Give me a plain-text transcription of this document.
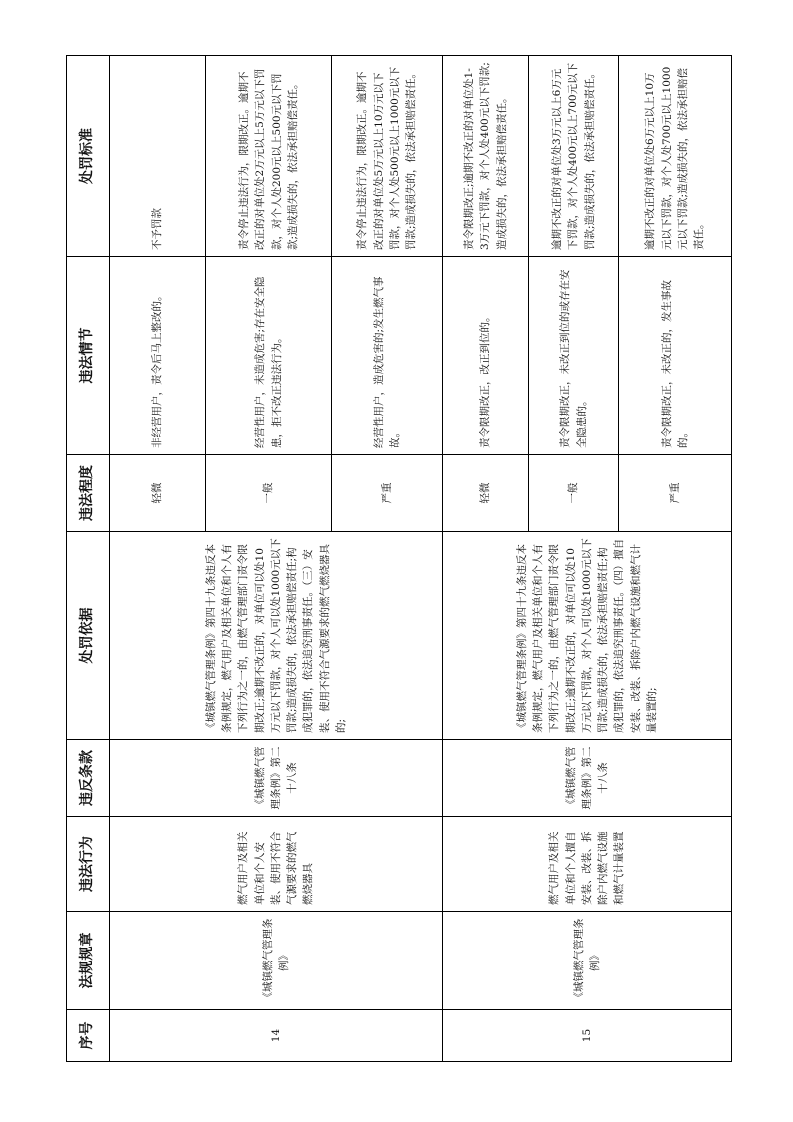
序号	法规规章	违法行为	违反条款	处罚依据	违法程度	违法情节	处罚标准
14	《城镇燃气管理条例》	燃气用户及相关单位和个人安装、使用不符合气源要求的燃气燃烧器具	《城镇燃气管理条例》第二十八条	《城镇燃气管理条例》第四十九条违反本条例规定，燃气用户及相关单位和个人有下列行为之一的，由燃气管理部门责令限期改正;逾期不改正的，对单位可以处10万元以下罚款，对个人可以处1000元以下罚款;造成损失的，依法承担赔偿责任;构成犯罪的，依法追究刑事责任。（三）安装、使用不符合气源要求的燃气燃烧器具的;	轻微	非经营用户，责令后马上整改的。	不予罚款
					一般	经营性用户，未造成危害;存在安全隐患，拒不改正违法行为。	责令停止违法行为，限期改正。逾期不改正的对单位处2万元以上5万元以下罚款，对个人处200元以上500元以下罚款;造成损失的，依法承担赔偿责任。
					严重	经营性用户，造成危害的;发生燃气事故。	责令停止违法行为，限期改正。逾期不改正的对单位处5万元以上10万元以下罚款，对个人处500元以上1000元以下罚款;造成损失的，依法承担赔偿责任。
15	《城镇燃气管理条例》	燃气用户及相关单位和个人擅自安装、改装、拆除户内燃气设施和燃气计量装置	《城镇燃气管理条例》第二十八条	《城镇燃气管理条例》第四十九条违反本条例规定，燃气用户及相关单位和个人有下列行为之一的，由燃气管理部门责令限期改正;逾期不改正的，对单位可以处10万元以下罚款，对个人可以处1000元以下罚款;造成损失的，依法承担赔偿责任;构成犯罪的，依法追究刑事责任。（四）擅自安装、改装、拆除户内燃气设施和燃气计量装置的;	轻微	责令限期改正，改正到位的。	责令限期改正;逾期不改正的对单位处1-3万元下罚款，对个人处400元以下罚款;造成损失的，依法承担赔偿责任。
					一般	责令限期改正，未改正到位的或存在安全隐患的。	逾期不改正的对单位处3万元以上6万元下罚款，对个人处400元以上700元以下罚款;造成损失的，依法承担赔偿责任。
					严重	责令限期改正，未改正的，发生事故的。	逾期不改正的对单位处6万元以上10万元以下罚款，对个人处700元以上1000元以下罚款;造成损失的，依法承担赔偿责任。
